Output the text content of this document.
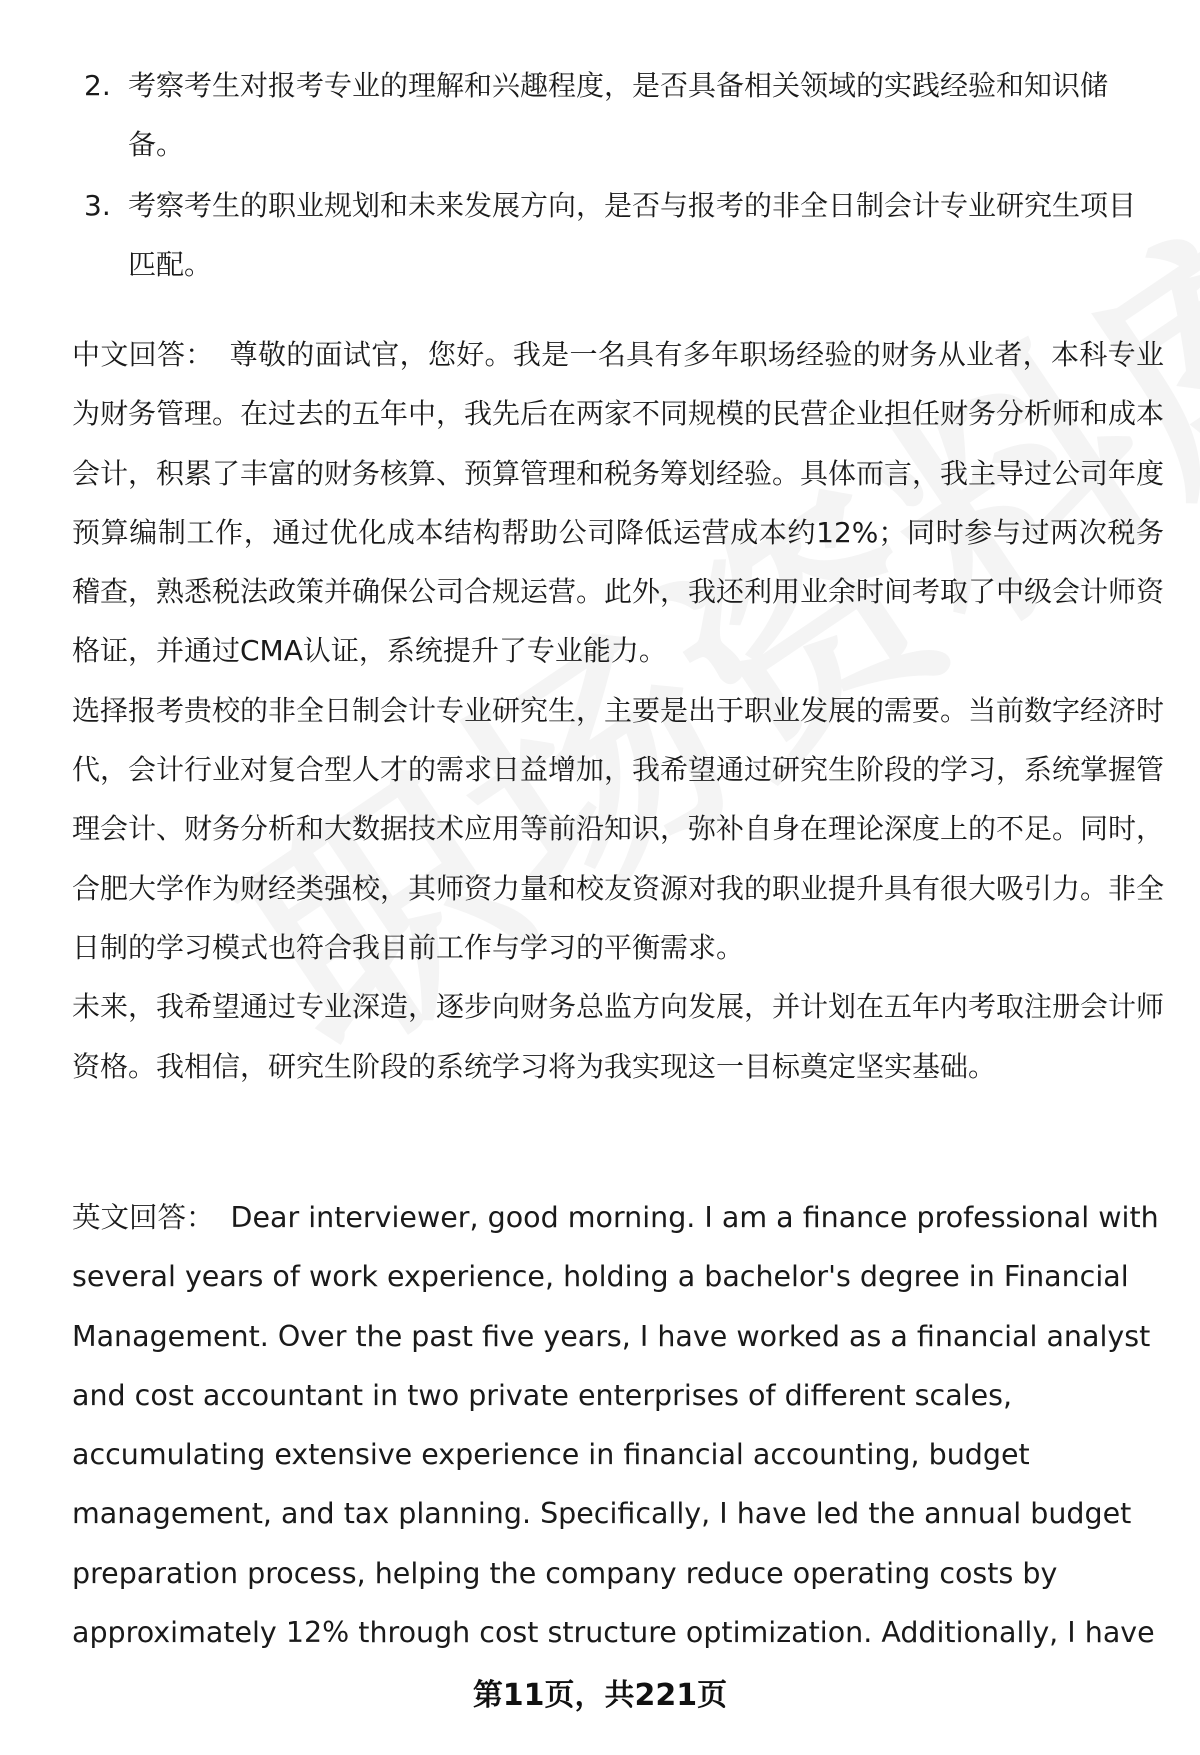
2. 考察考生对报考专业的理解和兴趣程度，是否具备相关领域的实践经验和知识储备。
3. 考察考生的职业规划和未来发展方向，是否与报考的非全日制会计专业研究生项目匹配。

中文回答： 尊敬的面试官，您好。我是一名具有多年职场经验的财务从业者，本科专业为财务管理。在过去的五年中，我先后在两家不同规模的民营企业担任财务分析师和成本会计，积累了丰富的财务核算、预算管理和税务筹划经验。具体而言，我主导过公司年度预算编制工作，通过优化成本结构帮助公司降低运营成本约12%；同时参与过两次税务稽查，熟悉税法政策并确保公司合规运营。此外，我还利用业余时间考取了中级会计师资格证，并通过CMA认证，系统提升了专业能力。

选择报考贵校的非全日制会计专业研究生，主要是出于职业发展的需要。当前数字经济时代，会计行业对复合型人才的需求日益增加，我希望通过研究生阶段的学习，系统掌握管理会计、财务分析和大数据技术应用等前沿知识，弥补自身在理论深度上的不足。同时，合肥大学作为财经类强校，其师资力量和校友资源对我的职业提升具有很大吸引力。非全日制的学习模式也符合我目前工作与学习的平衡需求。

未来，我希望通过专业深造，逐步向财务总监方向发展，并计划在五年内考取注册会计师资格。我相信，研究生阶段的系统学习将为我实现这一目标奠定坚实基础。

英文回答： Dear interviewer, good morning. I am a finance professional with several years of work experience, holding a bachelor's degree in Financial Management. Over the past five years, I have worked as a financial analyst and cost accountant in two private enterprises of different scales, accumulating extensive experience in financial accounting, budget management, and tax planning. Specifically, I have led the annual budget preparation process, helping the company reduce operating costs by approximately 12% through cost structure optimization. Additionally, I have

第11页，共221页
